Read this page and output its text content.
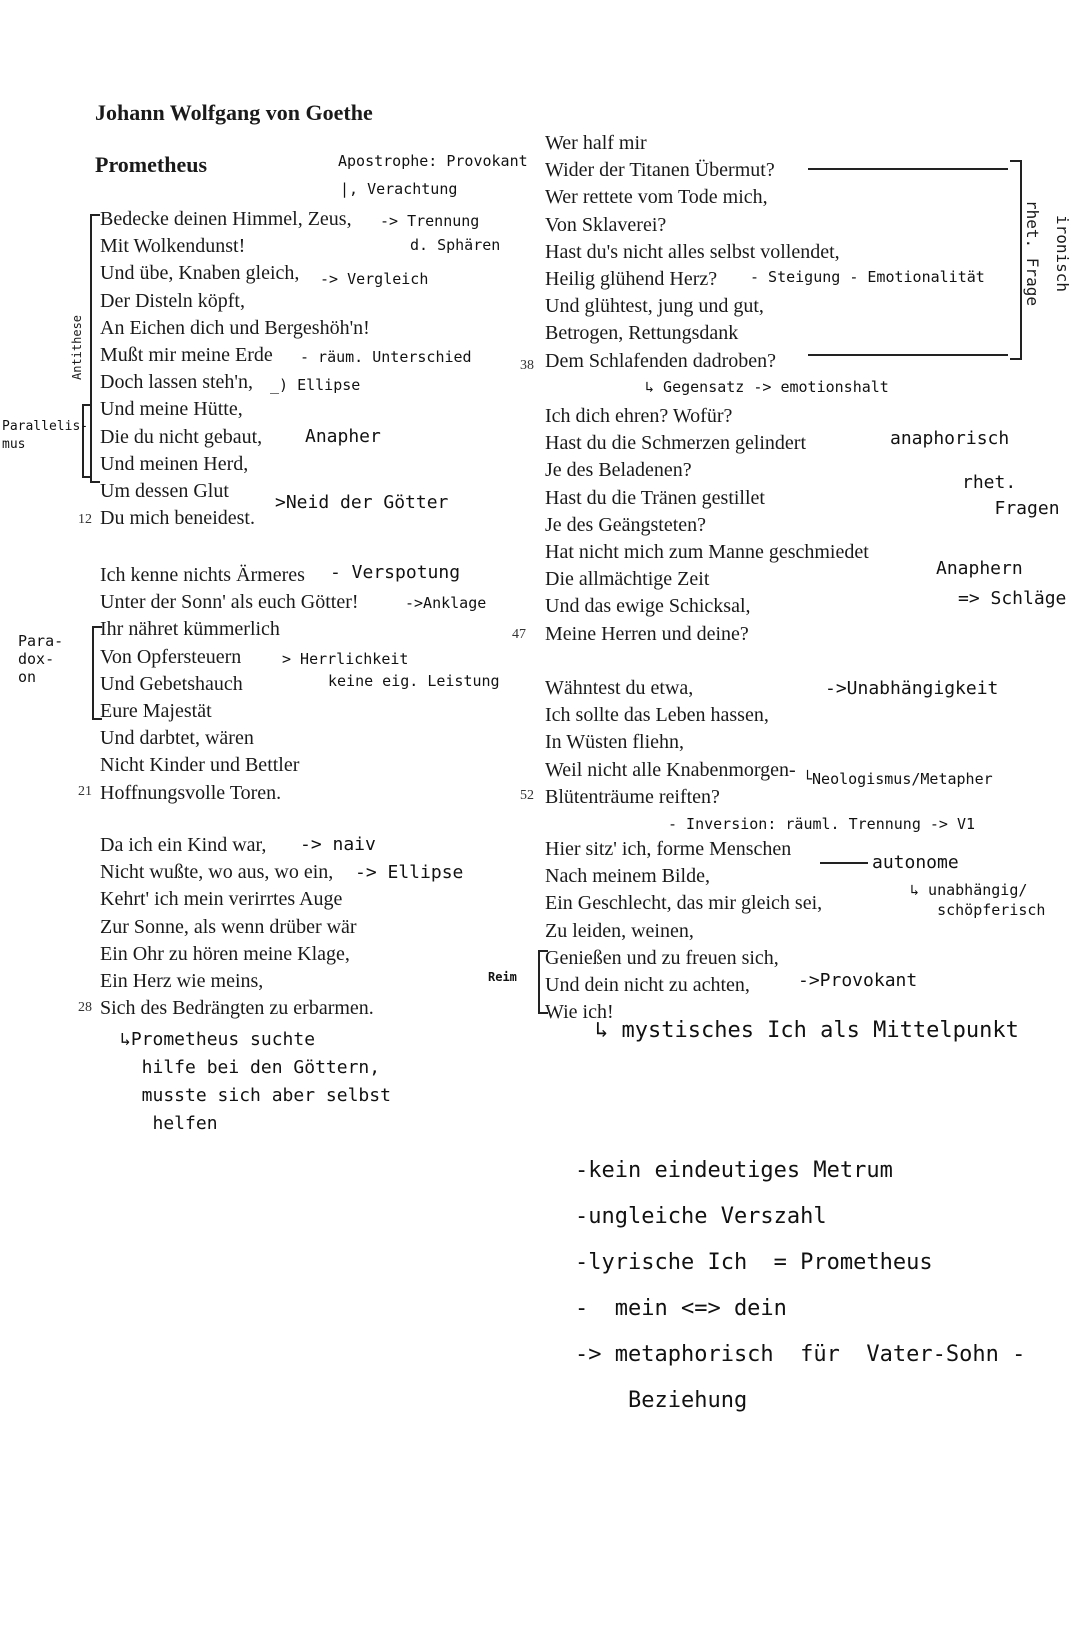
Johann Wolfgang von Goethe
Prometheus
Bedecke deinen Himmel, Zeus,
Mit Wolkendunst!
Und übe, Knaben gleich,
Der Disteln köpft,
An Eichen dich und Bergeshöh'n!
Mußt mir meine Erde
Doch lassen steh'n,
Und meine Hütte,
Die du nicht gebaut,
Und meinen Herd,
Um dessen Glut
Du mich beneidest.
Ich kenne nichts Ärmeres
Unter der Sonn' als euch Götter!
Ihr nähret kümmerlich
Von Opfersteuern
Und Gebetshauch
Eure Majestät
Und darbtet, wären
Nicht Kinder und Bettler
Hoffnungsvolle Toren.
Da ich ein Kind war,
Nicht wußte, wo aus, wo ein,
Kehrt' ich mein verirrtes Auge
Zur Sonne, als wenn drüber wär
Ein Ohr zu hören meine Klage,
Ein Herz wie meins,
Sich des Bedrängten zu erbarmen.
Wer half mir
Wider der Titanen Übermut?
Wer rettete vom Tode mich,
Von Sklaverei?
Hast du's nicht alles selbst vollendet,
Heilig glühend Herz?
Und glühtest, jung und gut,
Betrogen, Rettungsdank
Dem Schlafenden dadroben?
Ich dich ehren? Wofür?
Hast du die Schmerzen gelindert
Je des Beladenen?
Hast du die Tränen gestillet
Je des Geängsteten?
Hat nicht mich zum Manne geschmiedet
Die allmächtige Zeit
Und das ewige Schicksal,
Meine Herren und deine?
Wähntest du etwa,
Ich sollte das Leben hassen,
In Wüsten fliehn,
Weil nicht alle Knabenmorgen-
Blütenträume reiften?
Hier sitz' ich, forme Menschen
Nach meinem Bilde,
Ein Geschlecht, das mir gleich sei,
Zu leiden, weinen,
Genießen und zu freuen sich,
Und dein nicht zu achten,
Wie ich!
12
21
28
38
47
52
Apostrophe: Provokant
|, Verachtung
-> Trennung
d. Sphären
-> Vergleich
- räum. Unterschied
_) Ellipse
Anapher
Antithese
Parallelis-
mus
>Neid der Götter
- Verspotung
->Anklage
Para-
dox-
on
> Herrlichkeit
keine eig. Leistung
-> naiv
-> Ellipse
↳Prometheus suchte
hilfe bei den Göttern,
musste sich aber selbst
helfen
- Steigung - Emotionalität rhet. Frage ironisch
↳ Gegensatz -> emotionshalt
anaphorisch
rhet.
Fragen
Anaphern
=> Schläge
->Unabhängigkeit
└Neologismus/Metapher
- Inversion: räuml. Trennung -> V1
autonome
↳ unabhängig/
schöpferisch
Reim	->Provokant
↳ mystisches Ich als Mittelpunkt
-kein eindeutiges Metrum
-ungleiche Verszahl
-lyrische Ich  = Prometheus
-  mein <=> dein
-> metaphorisch  für  Vater-Sohn -
Beziehung
